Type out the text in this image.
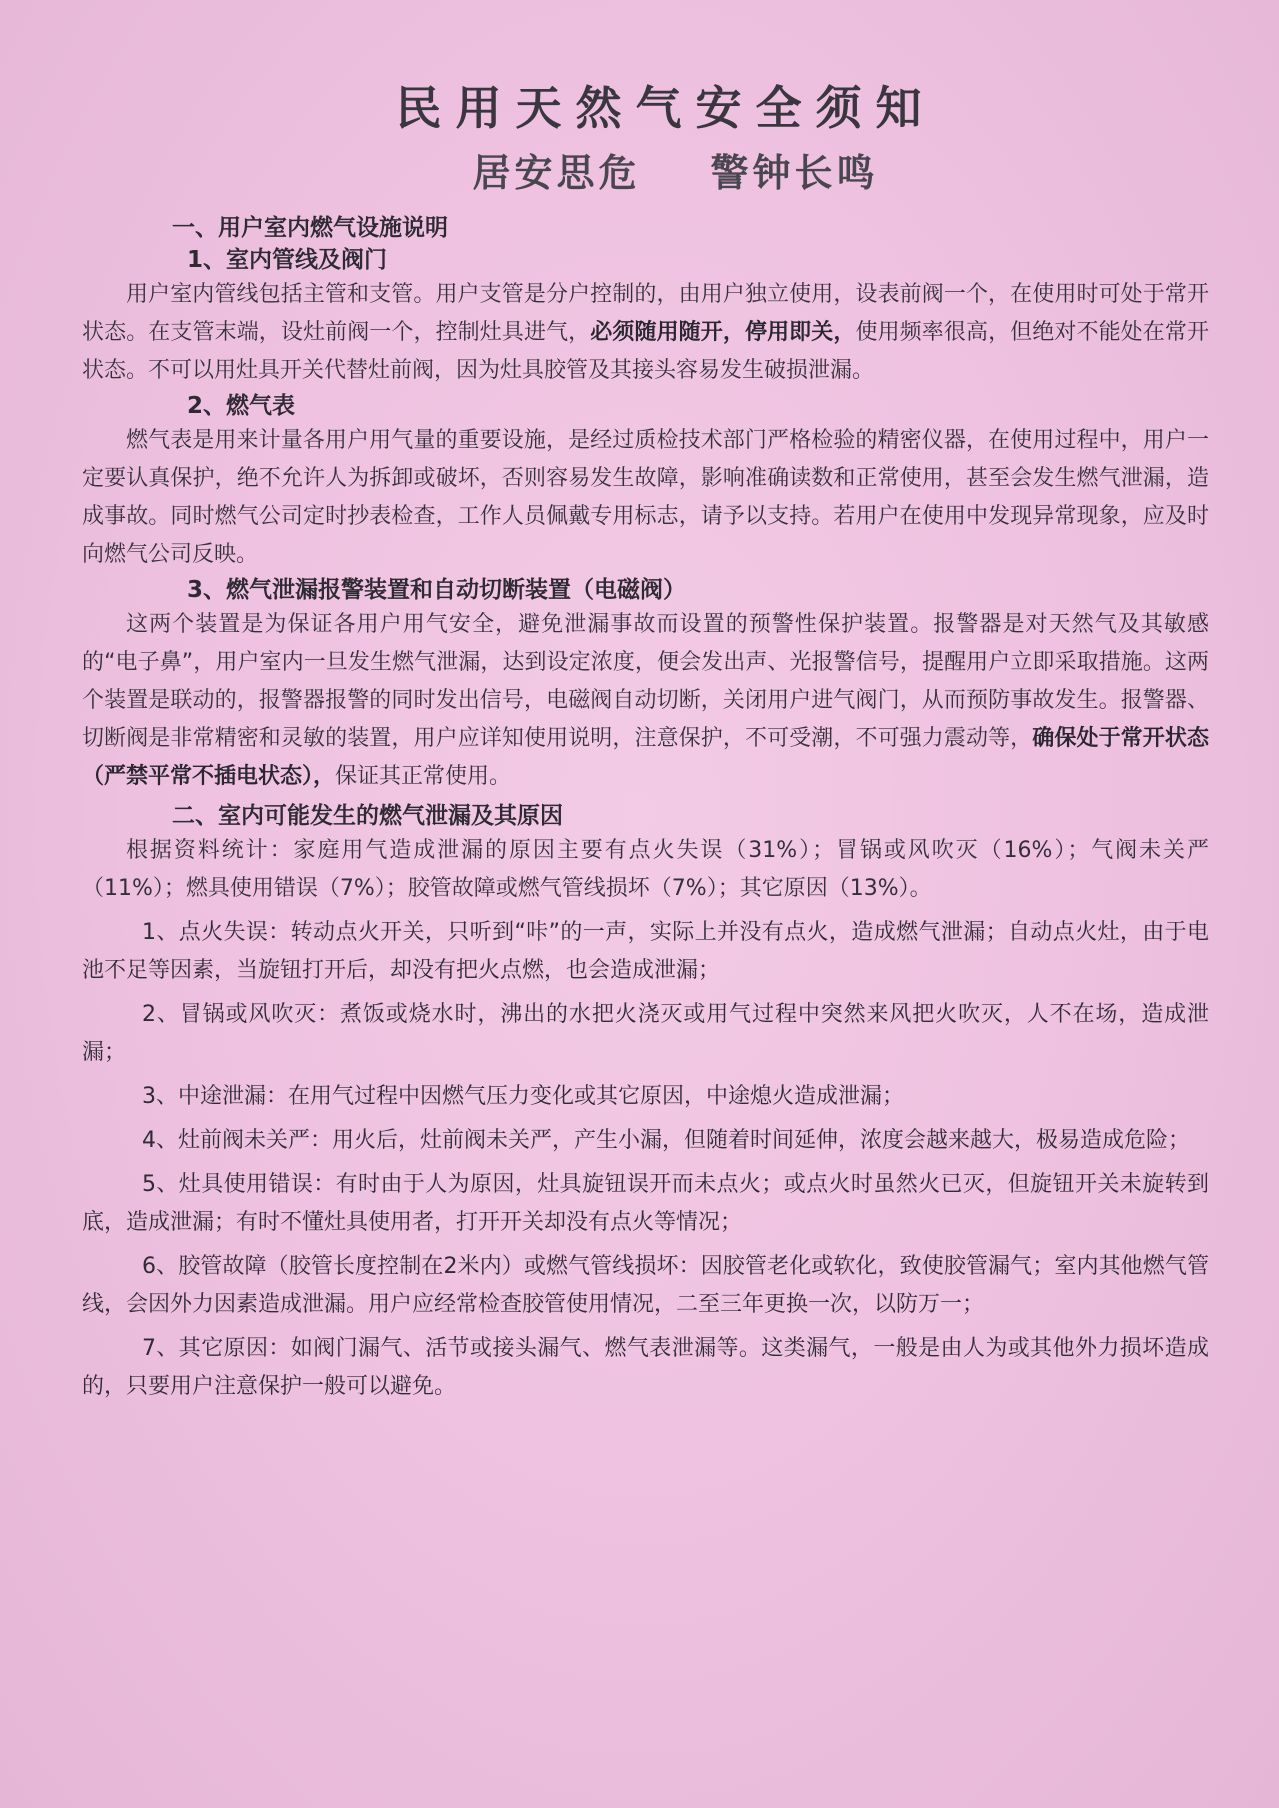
民用天然气安全须知
居安思危 警钟长鸣
一、用户室内燃气设施说明
1、室内管线及阀门

用户室内管线包括主管和支管。用户支管是分户控制的，由用户独立使用，设表前阀一个，在使用时可处于常开状态。在支管末端，设灶前阀一个，控制灶具进气，必须随用随开，停用即关，使用频率很高，但绝对不能处在常开状态。不可以用灶具开关代替灶前阀，因为灶具胶管及其接头容易发生破损泄漏。

2、燃气表

燃气表是用来计量各用户用气量的重要设施，是经过质检技术部门严格检验的精密仪器，在使用过程中，用户一定要认真保护，绝不允许人为拆卸或破坏，否则容易发生故障，影响准确读数和正常使用，甚至会发生燃气泄漏，造成事故。同时燃气公司定时抄表检查，工作人员佩戴专用标志，请予以支持。若用户在使用中发现异常现象，应及时向燃气公司反映。

3、燃气泄漏报警装置和自动切断装置（电磁阀）

这两个装置是为保证各用户用气安全，避免泄漏事故而设置的预警性保护装置。报警器是对天然气及其敏感的“电子鼻”，用户室内一旦发生燃气泄漏，达到设定浓度，便会发出声、光报警信号，提醒用户立即采取措施。这两个装置是联动的，报警器报警的同时发出信号，电磁阀自动切断，关闭用户进气阀门，从而预防事故发生。报警器、切断阀是非常精密和灵敏的装置，用户应详知使用说明，注意保护，不可受潮，不可强力震动等，确保处于常开状态（严禁平常不插电状态），保证其正常使用。

二、室内可能发生的燃气泄漏及其原因

根据资料统计：家庭用气造成泄漏的原因主要有点火失误（31%）；冒锅或风吹灭（16%）；气阀未关严（11%）；燃具使用错误（7%）；胶管故障或燃气管线损坏（7%）；其它原因（13%）。

1、点火失误：转动点火开关，只听到“咔”的一声，实际上并没有点火，造成燃气泄漏；自动点火灶，由于电池不足等因素，当旋钮打开后，却没有把火点燃，也会造成泄漏；

2、冒锅或风吹灭：煮饭或烧水时，沸出的水把火浇灭或用气过程中突然来风把火吹灭，人不在场，造成泄漏；

3、中途泄漏：在用气过程中因燃气压力变化或其它原因，中途熄火造成泄漏；

4、灶前阀未关严：用火后，灶前阀未关严，产生小漏，但随着时间延伸，浓度会越来越大，极易造成危险；

5、灶具使用错误：有时由于人为原因，灶具旋钮误开而未点火；或点火时虽然火已灭，但旋钮开关未旋转到底，造成泄漏；有时不懂灶具使用者，打开开关却没有点火等情况；

6、胶管故障（胶管长度控制在2米内）或燃气管线损坏：因胶管老化或软化，致使胶管漏气；室内其他燃气管线，会因外力因素造成泄漏。用户应经常检查胶管使用情况，二至三年更换一次，以防万一；

7、其它原因：如阀门漏气、活节或接头漏气、燃气表泄漏等。这类漏气，一般是由人为或其他外力损坏造成的，只要用户注意保护一般可以避免。
